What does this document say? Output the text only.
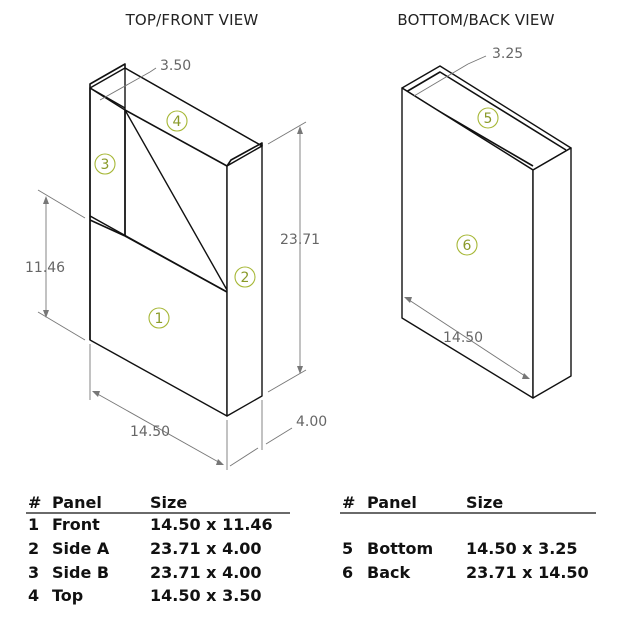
TOP/FRONT VIEW	BOTTOM/BACK VIEW
3.50
11.46
23.71
14.50
4.00
1
2
3
4
3.25
14.50
5
6
# Panel	Size
1 Front	14.50 x 11.46
2 Side A	23.71 x 4.00
3 Side B	23.71 x 4.00
4 Top	14.50 x 3.50
# Panel	Size
5 Bottom 14.50 x 3.25
6 Back	23.71 x 14.50
